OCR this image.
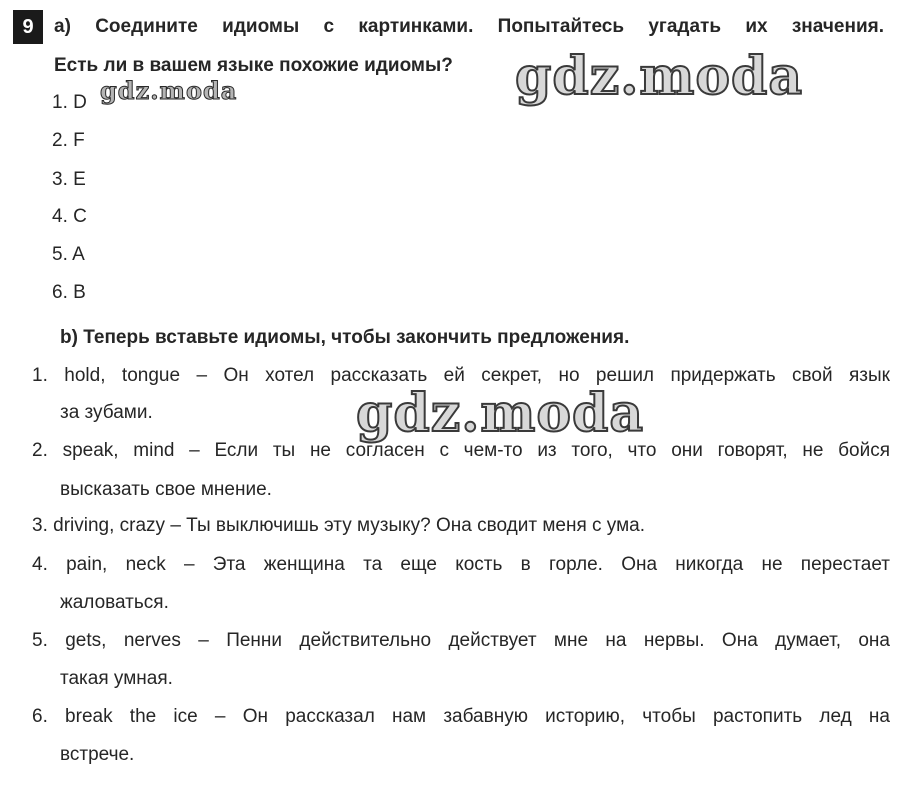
9	a) Соедините идиомы с картинками. Попытайтесь угадать их значения.
Есть ли в вашем языке похожие идиомы?
1. D
2. F
3. E
4. C
5. A
6. B
b) Теперь вставьте идиомы, чтобы закончить предложения.
1. hold, tongue – Он хотел рассказать ей секрет, но решил придержать свой язык
за зубами.
2. speak, mind – Если ты не согласен с чем-то из того, что они говорят, не бойся
высказать свое мнение.
3. driving, crazy – Ты выключишь эту музыку? Она сводит меня с ума.
4. pain, neck – Эта женщина та еще кость в горле. Она никогда не перестает
жаловаться.
5. gets, nerves – Пенни действительно действует мне на нервы. Она думает, она
такая умная.
6. break the ice – Он рассказал нам забавную историю, чтобы растопить лед на
встрече.
gdz.moda	gdz.moda
gdz.moda
